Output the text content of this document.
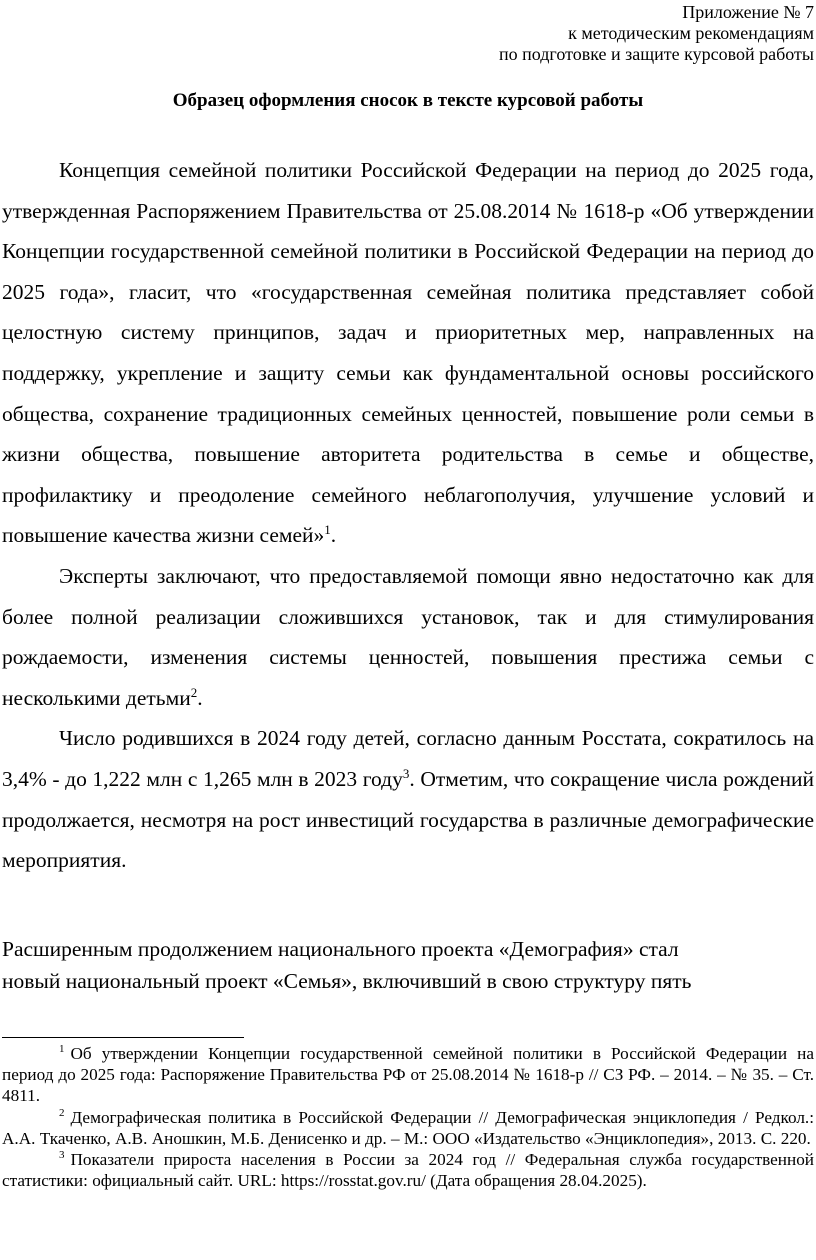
Приложение № 7
к методическим рекомендациям
по подготовке и защите курсовой работы
Образец оформления сносок в тексте курсовой работы

Концепция семейной политики Российской Федерации на период до 2025 года, утвержденная Распоряжением Правительства от 25.08.2014 № 1618-р «Об утверждении Концепции государственной семейной политики в Российской Федерации на период до 2025 года», гласит, что «государственная семейная политика представляет собой целостную систему принципов, задач и приоритетных мер, направленных на поддержку, укрепление и защиту семьи как фундаментальной основы российского общества, сохранение традиционных семейных ценностей, повышение роли семьи в жизни общества, повышение авторитета родительства в семье и обществе, профилактику и преодоление семейного неблагополучия, улучшение условий и повышение качества жизни семей»$^1$.

Эксперты заключают, что предоставляемой помощи явно недостаточно как для более полной реализации сложившихся установок, так и для стимулирования рождаемости, изменения системы ценностей, повышения престижа семьи с несколькими детьми$^2$.

Число родившихся в 2024 году детей, согласно данным Росстата, сократилось на 3,4% - до 1,222 млн с 1,265 млн в 2023 году$^3$. Отметим, что сокращение числа рождений продолжается, несмотря на рост инвестиций государства в различные демографические мероприятия.

Расширенным продолжением национального проекта «Демография» стал
новый национальный проект «Семья», включивший в свою структуру пять

$^1$ Об утверждении Концепции государственной семейной политики в Российской Федерации на период до 2025 года: Распоряжение Правительства РФ от 25.08.2014 № 1618-р // СЗ РФ. – 2014. – № 35. – Ст. 4811.

$^2$ Демографическая политика в Российской Федерации // Демографическая энциклопедия / Редкол.: А.А. Ткаченко, А.В. Аношкин, М.Б. Денисенко и др. – М.: ООО «Издательство «Энциклопедия», 2013. С. 220.

$^3$ Показатели прироста населения в России за 2024 год // Федеральная служба государственной статистики: официальный сайт. URL: https://rosstat.gov.ru/ (Дата обращения 28.04.2025).
